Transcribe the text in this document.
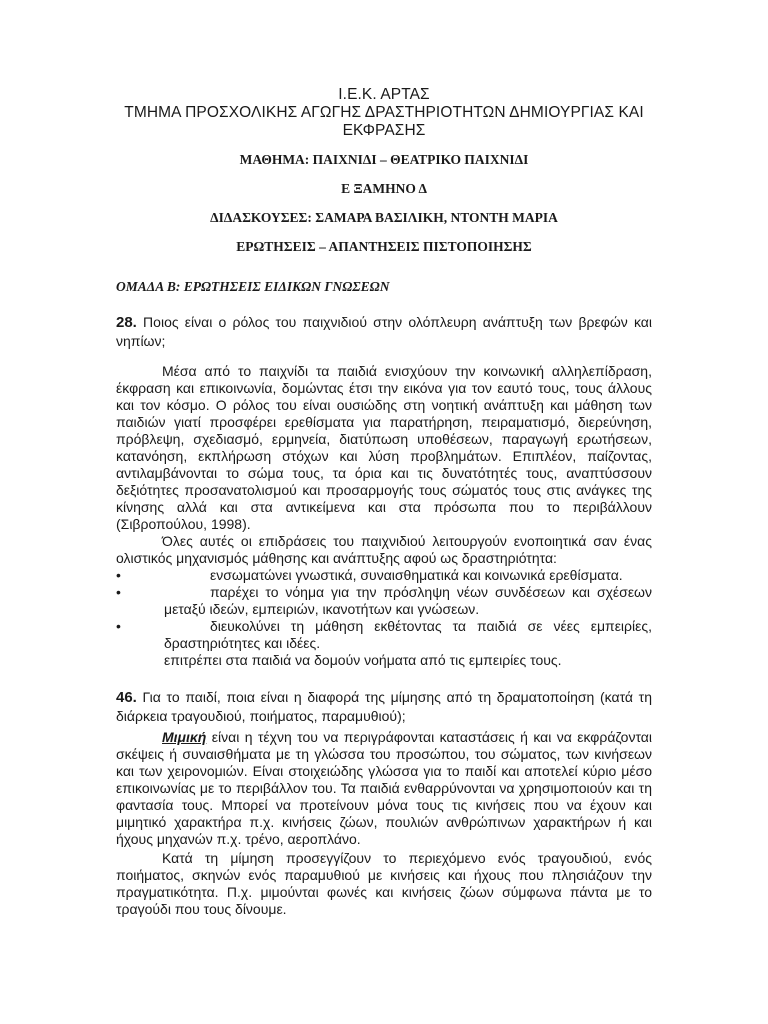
Ι.Ε.Κ. ΑΡΤΑΣ
ΤΜΗΜΑ ΠΡΟΣΧΟΛΙΚΗΣ ΑΓΩΓΗΣ ΔΡΑΣΤΗΡΙΟΤΗΤΩΝ ΔΗΜΙΟΥΡΓΙΑΣ ΚΑΙ
ΕΚΦΡΑΣΗΣ
ΜΑΘΗΜΑ: ΠΑΙΧΝΙΔΙ – ΘΕΑΤΡΙΚΟ ΠΑΙΧΝΙΔΙ
Ε ΞΑΜΗΝΟ Δ
ΔΙΔΑΣΚΟΥΣΕΣ: ΣΑΜΑΡΑ ΒΑΣΙΛΙΚΗ, ΝΤΟΝΤΗ ΜΑΡΙΑ
ΕΡΩΤΗΣΕΙΣ – ΑΠΑΝΤΗΣΕΙΣ ΠΙΣΤΟΠΟΙΗΣΗΣ
ΟΜΑΔΑ Β: ΕΡΩΤΗΣΕΙΣ ΕΙΔΙΚΩΝ ΓΝΩΣΕΩΝ
28. Ποιος είναι ο ρόλος του παιχνιδιού στην ολόπλευρη ανάπτυξη των βρεφών και νηπίων;

Μέσα από το παιχνίδι τα παιδιά ενισχύουν την κοινωνική αλληλεπίδραση, έκφραση και επικοινωνία, δομώντας έτσι την εικόνα για τον εαυτό τους, τους άλλους και τον κόσμο. Ο ρόλος του είναι ουσιώδης στη νοητική ανάπτυξη και μάθηση των παιδιών γιατί προσφέρει ερεθίσματα για παρατήρηση, πειραματισμό, διερεύνηση, πρόβλεψη, σχεδιασμό, ερμηνεία, διατύπωση υποθέσεων, παραγωγή ερωτήσεων, κατανόηση, εκπλήρωση στόχων και λύση προβλημάτων. Επιπλέον, παίζοντας, αντιλαμβάνονται το σώμα τους, τα όρια και τις δυνατότητές τους, αναπτύσσουν δεξιότητες προσανατολισμού και προσαρμογής τους σώματός τους στις ανάγκες της κίνησης αλλά και στα αντικείμενα και στα πρόσωπα που το περιβάλλουν (Σιβροπούλου, 1998).

Όλες αυτές οι επιδράσεις του παιχνιδιού λειτουργούν ενοποιητικά σαν ένας ολιστικός μηχανισμός μάθησης και ανάπτυξης αφού ως δραστηριότητα:

•	ενσωματώνει γνωστικά, συναισθηματικά και κοινωνικά ερεθίσματα.
•	παρέχει το νόημα για την πρόσληψη νέων συνδέσεων και σχέσεων μεταξύ ιδεών, εμπειριών, ικανοτήτων και γνώσεων.
•	διευκολύνει τη μάθηση εκθέτοντας τα παιδιά σε νέες εμπειρίες, δραστηριότητες και ιδέες.

επιτρέπει στα παιδιά να δομούν νοήματα από τις εμπειρίες τους.

46. Για το παιδί, ποια είναι η διαφορά της μίμησης από τη δραματοποίηση (κατά τη διάρκεια τραγουδιού, ποιήματος, παραμυθιού);

Μιμική είναι η τέχνη του να περιγράφονται καταστάσεις ή και να εκφράζονται σκέψεις ή συναισθήματα με τη γλώσσα του προσώπου, του σώματος, των κινήσεων και των χειρονομιών. Είναι στοιχειώδης γλώσσα για το παιδί και αποτελεί κύριο μέσο επικοινωνίας με το περιβάλλον του. Τα παιδιά ενθαρρύνονται να χρησιμοποιούν και τη φαντασία τους. Μπορεί να προτείνουν μόνα τους τις κινήσεις που να έχουν και μιμητικό χαρακτήρα π.χ. κινήσεις ζώων, πουλιών ανθρώπινων χαρακτήρων ή και ήχους μηχανών π.χ. τρένο, αεροπλάνο.

Κατά τη μίμηση προσεγγίζουν το περιεχόμενο ενός τραγουδιού, ενός ποιήματος, σκηνών ενός παραμυθιού με κινήσεις και ήχους που πλησιάζουν την πραγματικότητα. Π.χ. μιμούνται φωνές και κινήσεις ζώων σύμφωνα πάντα με το τραγούδι που τους δίνουμε.
